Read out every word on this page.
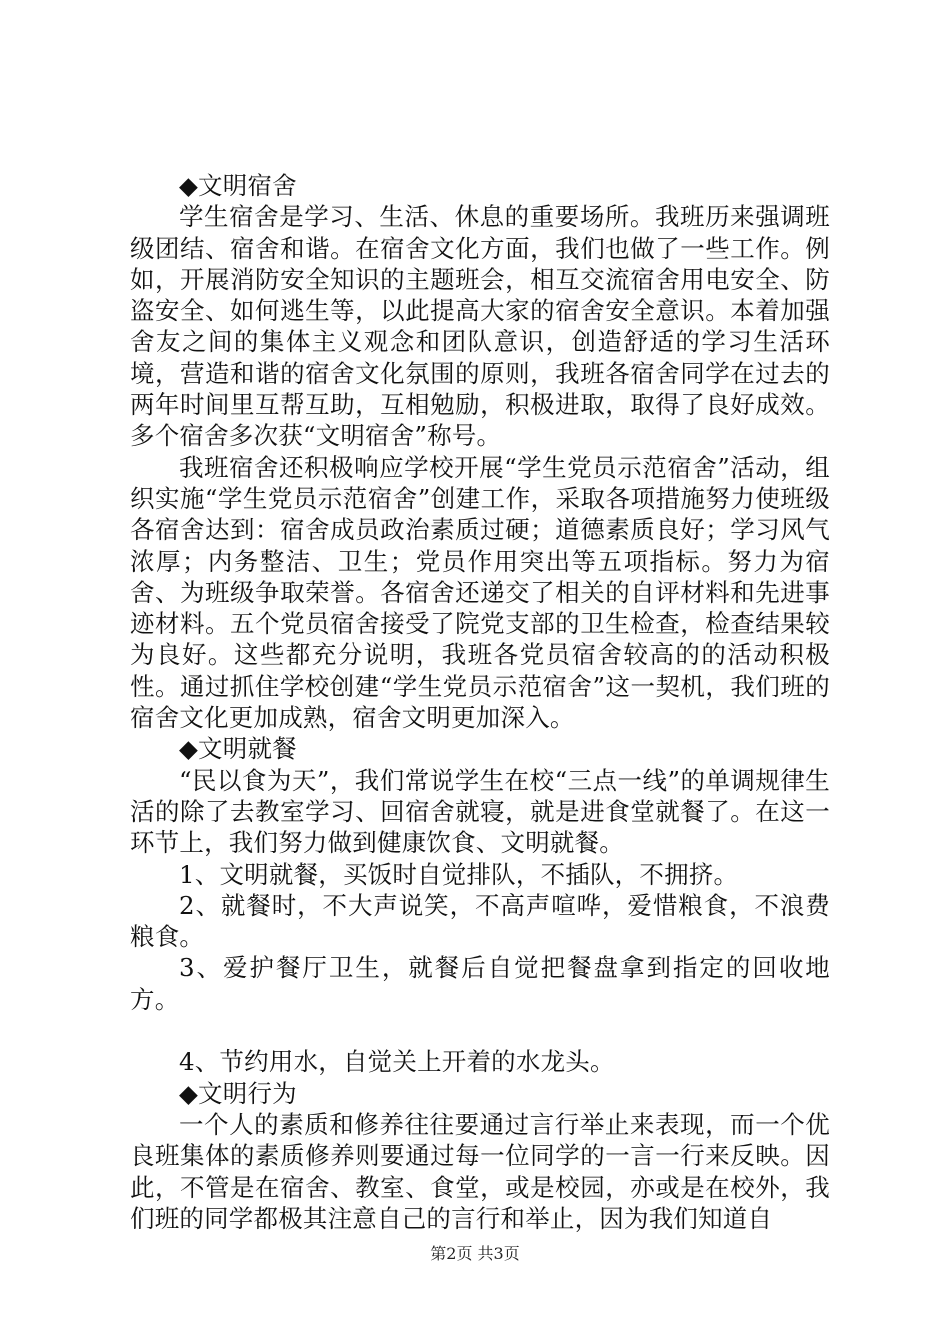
◆文明宿舍

学生宿舍是学习、生活、休息的重要场所。我班历来强调班级团结、宿舍和谐。在宿舍文化方面，我们也做了一些工作。例如，开展消防安全知识的主题班会，相互交流宿舍用电安全、防盗安全、如何逃生等，以此提高大家的宿舍安全意识。本着加强舍友之间的集体主义观念和团队意识，创造舒适的学习生活环境，营造和谐的宿舍文化氛围的原则，我班各宿舍同学在过去的两年时间里互帮互助，互相勉励，积极进取，取得了良好成效。多个宿舍多次获“文明宿舍”称号。

我班宿舍还积极响应学校开展“学生党员示范宿舍”活动，组织实施“学生党员示范宿舍”创建工作，采取各项措施努力使班级各宿舍达到：宿舍成员政治素质过硬；道德素质良好；学习风气浓厚；内务整洁、卫生；党员作用突出等五项指标。努力为宿舍、为班级争取荣誉。各宿舍还递交了相关的自评材料和先进事迹材料。五个党员宿舍接受了院党支部的卫生检查，检查结果较为良好。这些都充分说明，我班各党员宿舍较高的的活动积极性。通过抓住学校创建“学生党员示范宿舍”这一契机，我们班的宿舍文化更加成熟，宿舍文明更加深入。

◆文明就餐

“民以食为天”，我们常说学生在校“三点一线”的单调规律生活的除了去教室学习、回宿舍就寝，就是进食堂就餐了。在这一环节上，我们努力做到健康饮食、文明就餐。

1、文明就餐，买饭时自觉排队，不插队，不拥挤。

2、就餐时，不大声说笑，不高声喧哗，爱惜粮食，不浪费粮食。

3、爱护餐厅卫生，就餐后自觉把餐盘拿到指定的回收地方。

4、节约用水，自觉关上开着的水龙头。

◆文明行为

一个人的素质和修养往往要通过言行举止来表现，而一个优良班集体的素质修养则要通过每一位同学的一言一行来反映。因此，不管是在宿舍、教室、食堂，或是校园，亦或是在校外，我们班的同学都极其注意自己的言行和举止，因为我们知道自

第2页 共3页
